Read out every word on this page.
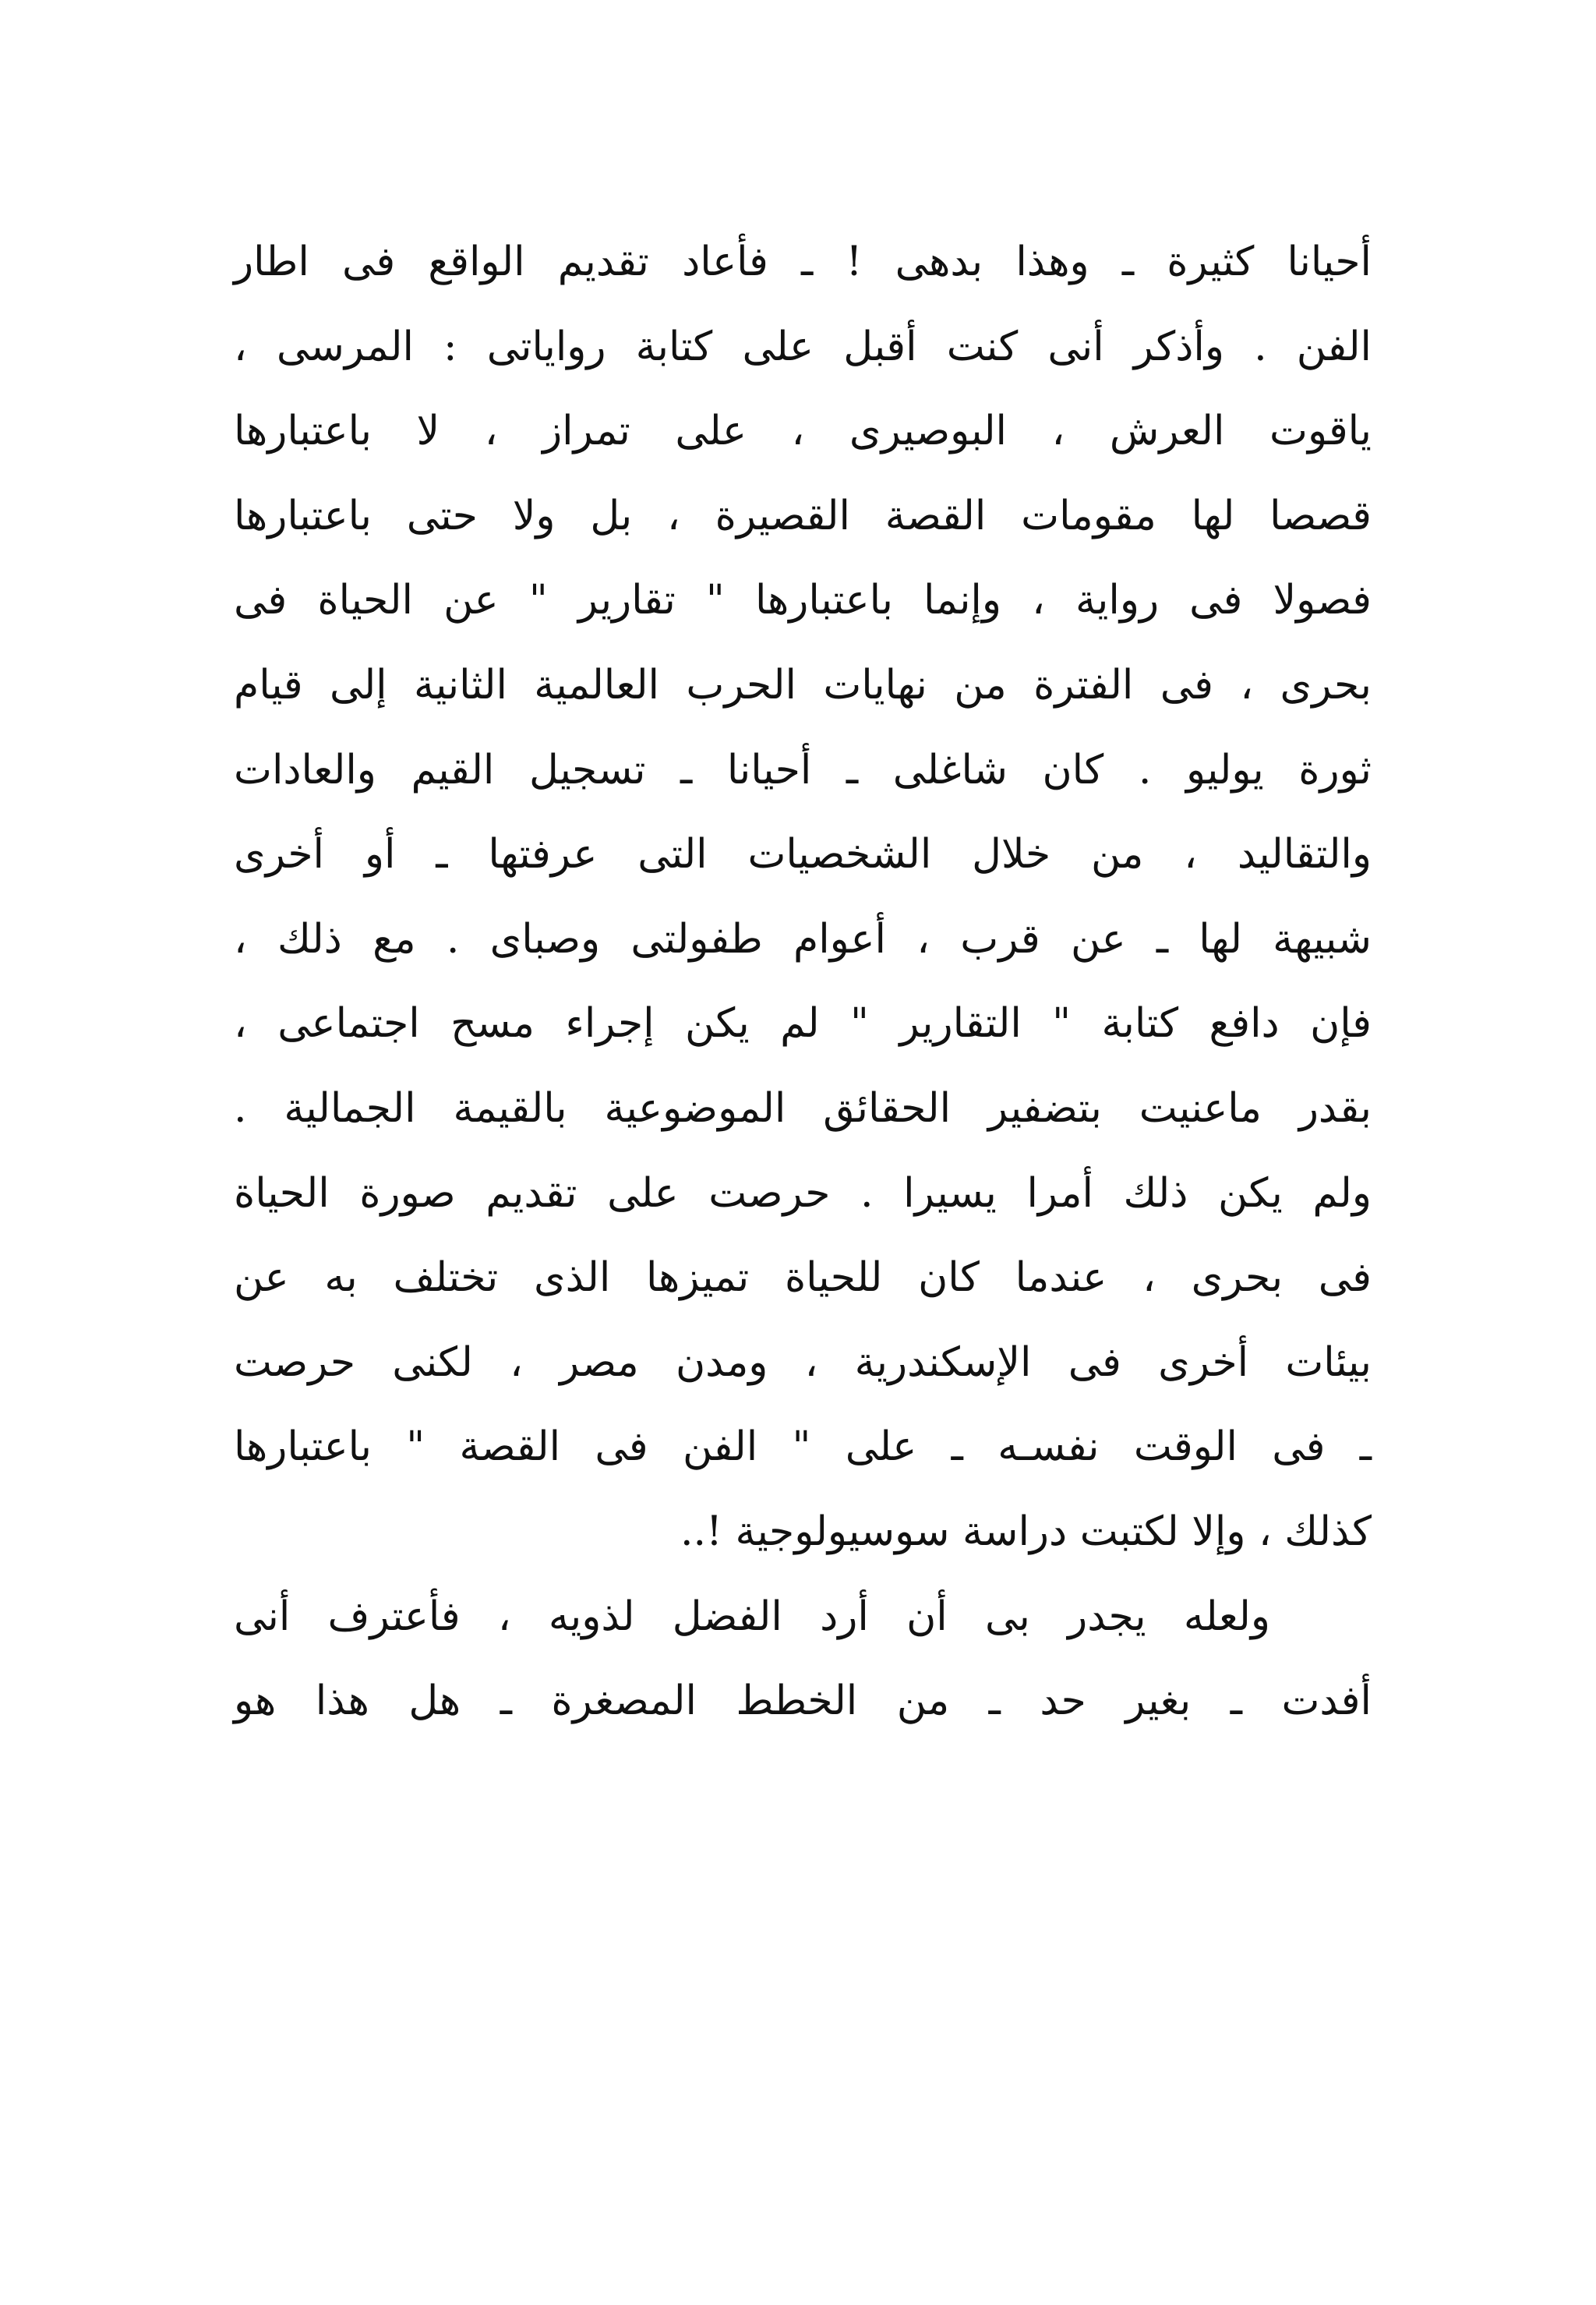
أحيانا كثيرة ـ وهذا بدهى ! ـ فأعاد تقديم الواقع فى اطار
الفن . وأذكر أنى كنت أقبل على كتابة رواياتى : المرسى ،
ياقوت العرش ، البوصيرى ، على تمراز ، لا باعتبارها
قصصا لها مقومات القصة القصيرة ، بل ولا حتى باعتبارها
فصولا فى رواية ، وإنما باعتبارها " تقارير " عن الحياة فى
بحرى ، فى الفترة من نهايات الحرب العالمية الثانية إلى قيام
ثورة يوليو . كان شاغلى ـ أحيانا ـ تسجيل القيم والعادات
والتقاليد ، من خلال الشخصيات التى عرفتها ـ أو أخرى
شبيهة لها ـ عن قرب ، أعوام طفولتى وصباى . مع ذلك ،
فإن دافع كتابة " التقارير " لم يكن إجراء مسح اجتماعى ،
بقدر ماعنيت بتضفير الحقائق الموضوعية بالقيمة الجمالية .
ولم يكن ذلك أمرا يسيرا . حرصت على تقديم صورة الحياة
فى بحرى ، عندما كان للحياة تميزها الذى تختلف به عن
بيئات أخرى فى الإسكندرية ، ومدن مصر ، لكنى حرصت
ـ فى الوقت نفسـه ـ على " الفن فى القصة " باعتبارها
كذلك ، وإلا لكتبت دراسة سوسيولوجية !..
ولعله يجدر بى أن أرد الفضل لذويه ، فأعترف أنى
أفدت ـ بغير حد ـ من الخطط المصغرة ـ هل هذا هو
